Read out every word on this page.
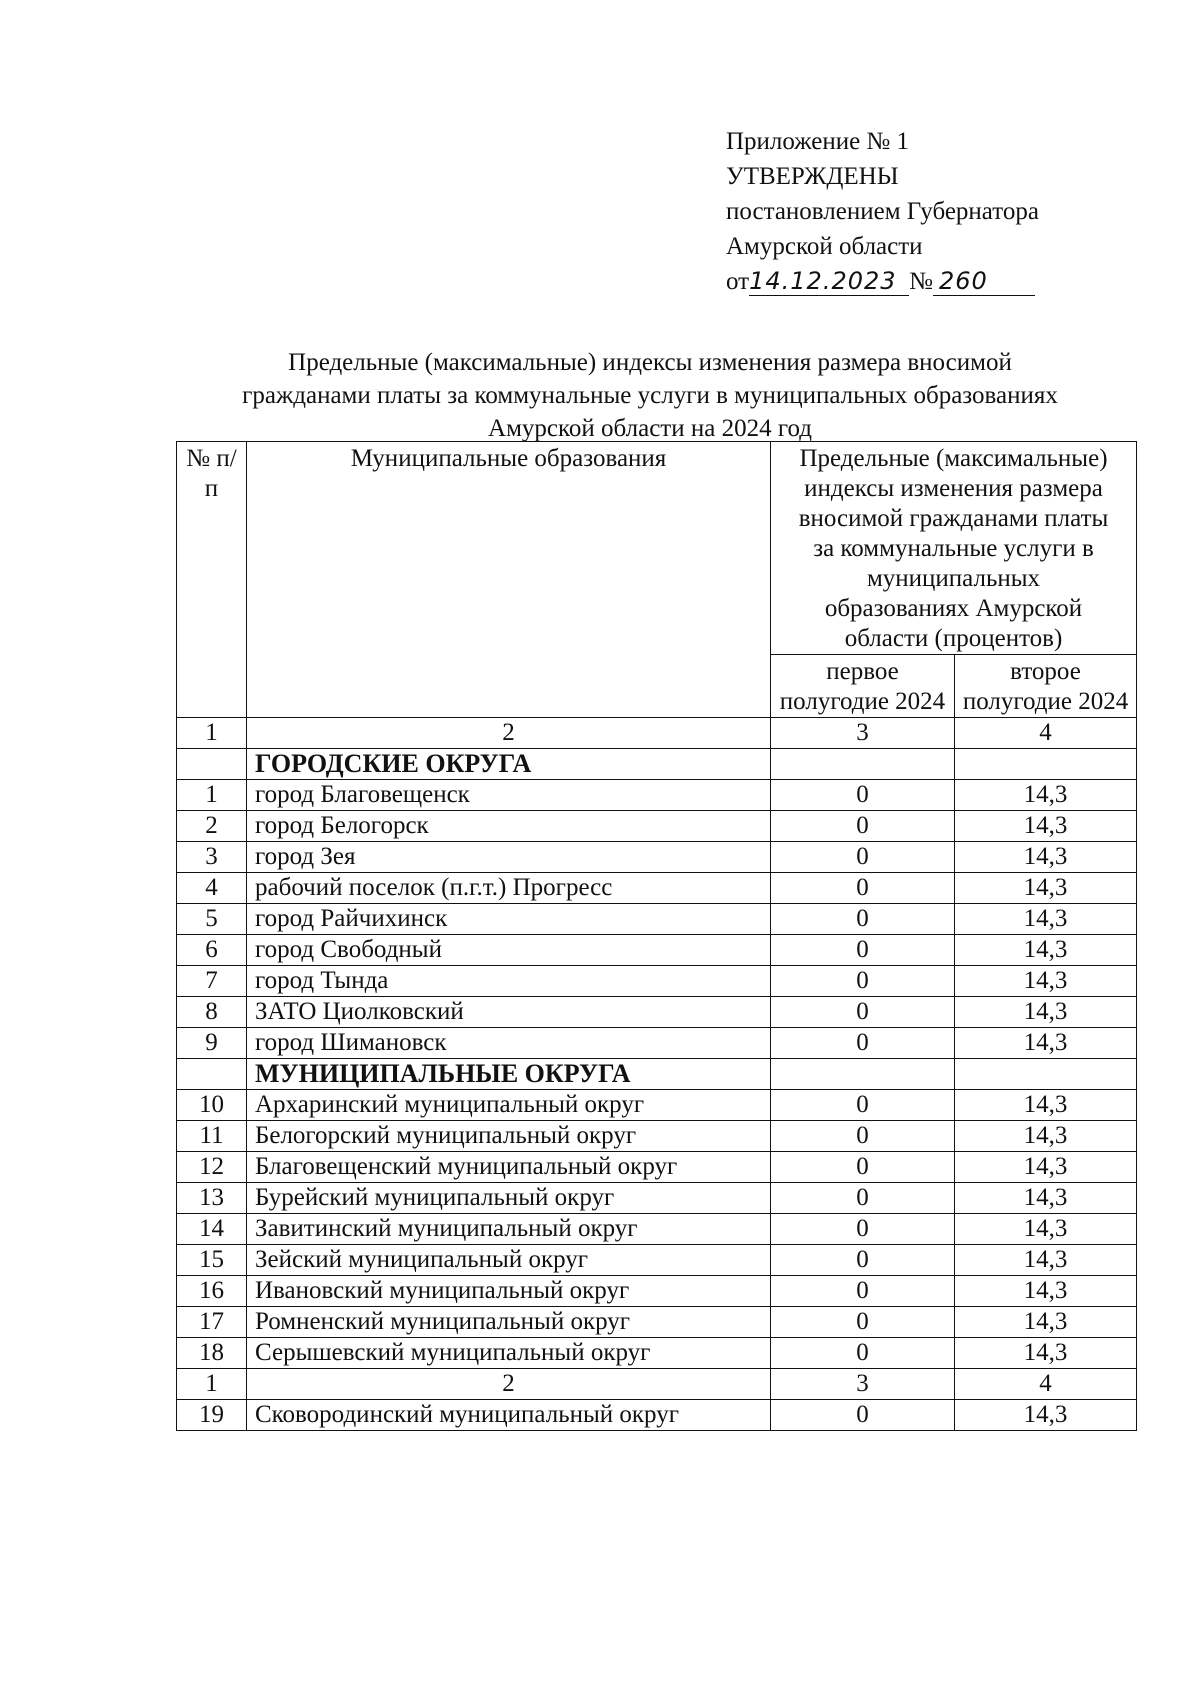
Приложение № 1
УТВЕРЖДЕНЫ
постановлением Губернатора
Амурской области
от14.12.2023 № 260
Предельные (максимальные) индексы изменения размера вносимой
гражданами платы за коммунальные услуги в муниципальных образованиях
Амурской области на 2024 год
№ п/п	Муниципальные образования	Предельные (максимальные) индексы изменения размера вносимой гражданами платы за коммунальные услуги в муниципальных образованиях Амурской области (процентов)	
		первое полугодие 2024	второе полугодие 2024
1	2	3	4
	ГОРОДСКИЕ ОКРУГА		
1	город Благовещенск	0	14,3
2	город Белогорск	0	14,3
3	город Зея	0	14,3
4	рабочий поселок (п.г.т.) Прогресс	0	14,3
5	город Райчихинск	0	14,3
6	город Свободный	0	14,3
7	город Тында	0	14,3
8	ЗАТО Циолковский	0	14,3
9	город Шимановск	0	14,3
	МУНИЦИПАЛЬНЫЕ ОКРУГА		
10	Архаринский муниципальный округ	0	14,3
11	Белогорский муниципальный округ	0	14,3
12	Благовещенский муниципальный округ	0	14,3
13	Бурейский муниципальный округ	0	14,3
14	Завитинский муниципальный округ	0	14,3
15	Зейский муниципальный округ	0	14,3
16	Ивановский муниципальный округ	0	14,3
17	Ромненский муниципальный округ	0	14,3
18	Серышевский муниципальный округ	0	14,3
1	2	3	4
19	Сковородинский муниципальный округ	0	14,3
